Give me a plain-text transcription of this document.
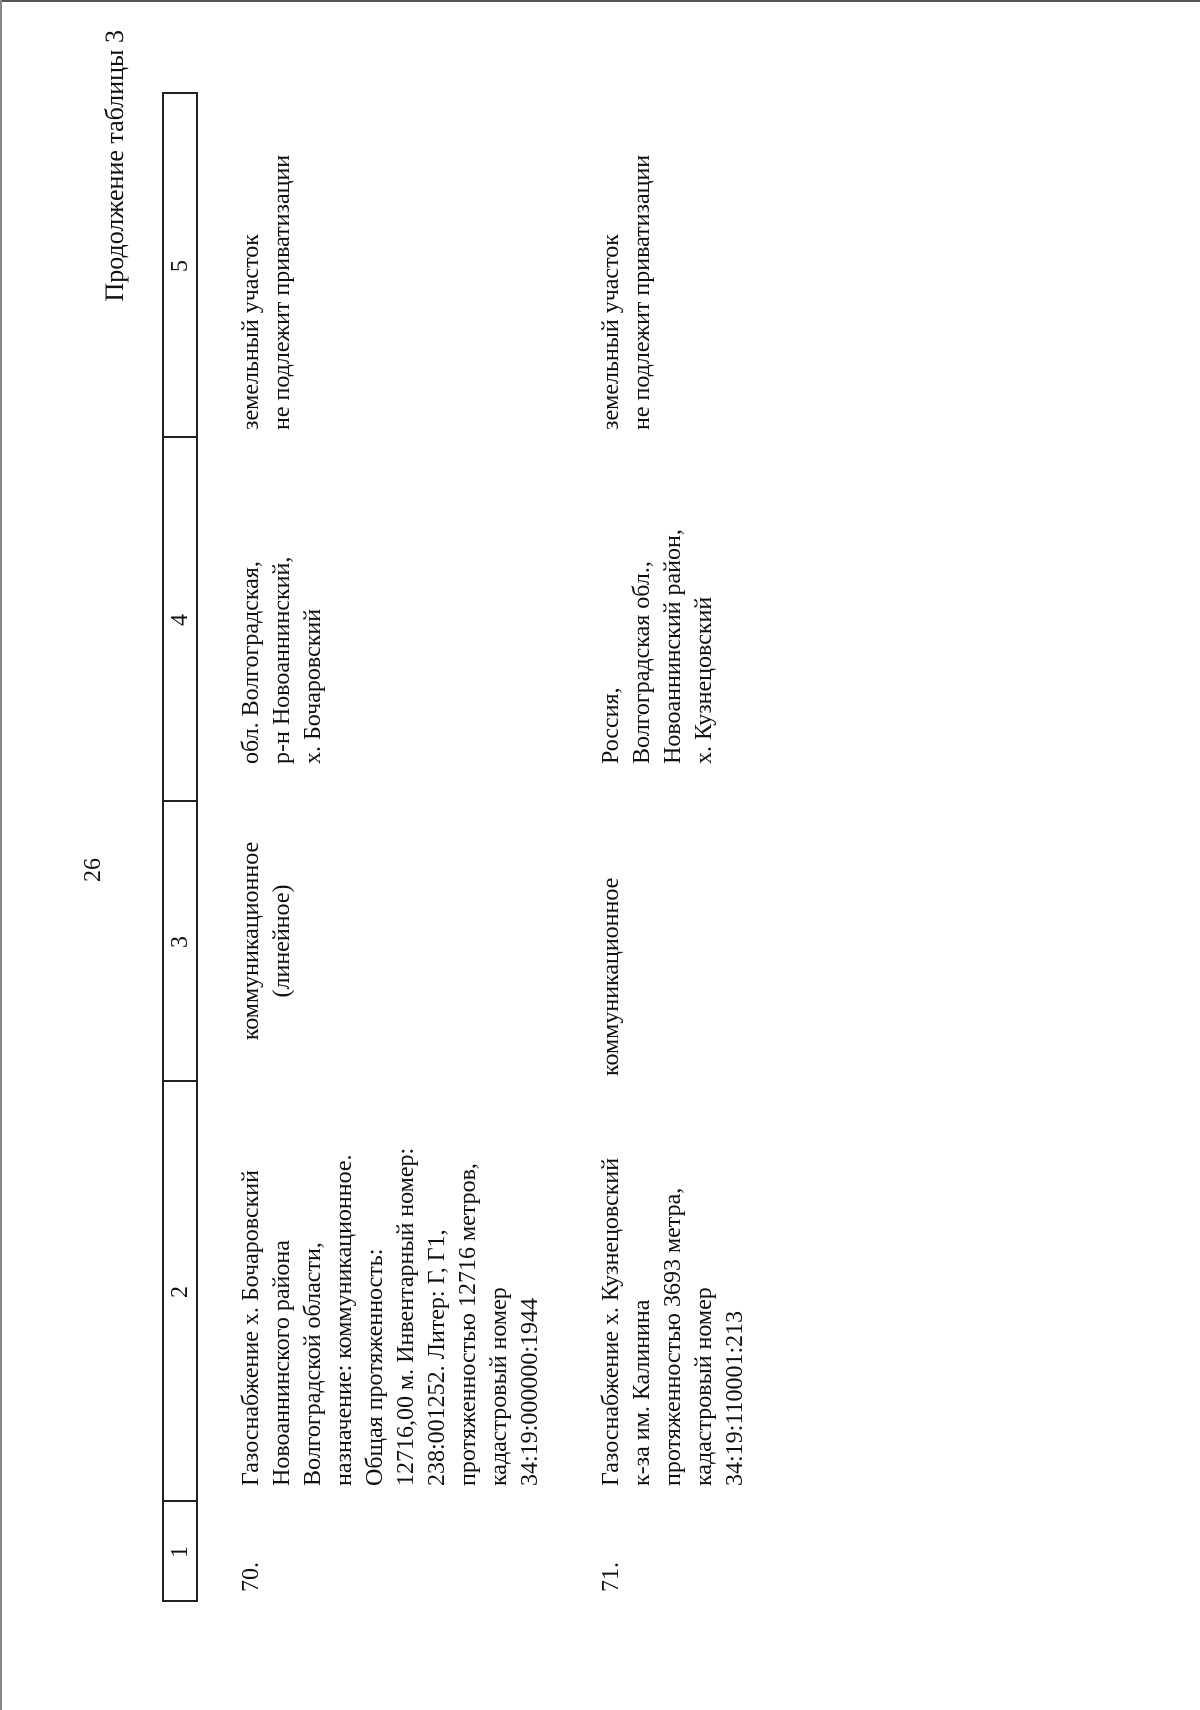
26
Продолжение таблицы 3
1
2
3
4
5
70.
Газоснабжение х. Бочаровский
Новоаннинского района
Волгоградской области,
назначение: коммуникационное.
Общая протяженность:
12716,00 м. Инвентарный номер:
238:001252. Литер: Г, Г1,
протяженностью 12716 метров,
кадастровый номер
34:19:000000:1944
коммуникационное
(линейное)
обл. Волгоградская,
р-н Новоаннинский,
х. Бочаровский
земельный участок
не подлежит приватизации
71.
Газоснабжение х. Кузнецовский
к-за им. Калинина
протяженностью 3693 метра,
кадастровый номер
34:19:110001:213
коммуникационное
Россия,
Волгоградская обл.,
Новоаннинский район,
х. Кузнецовский
земельный участок
не подлежит приватизации
